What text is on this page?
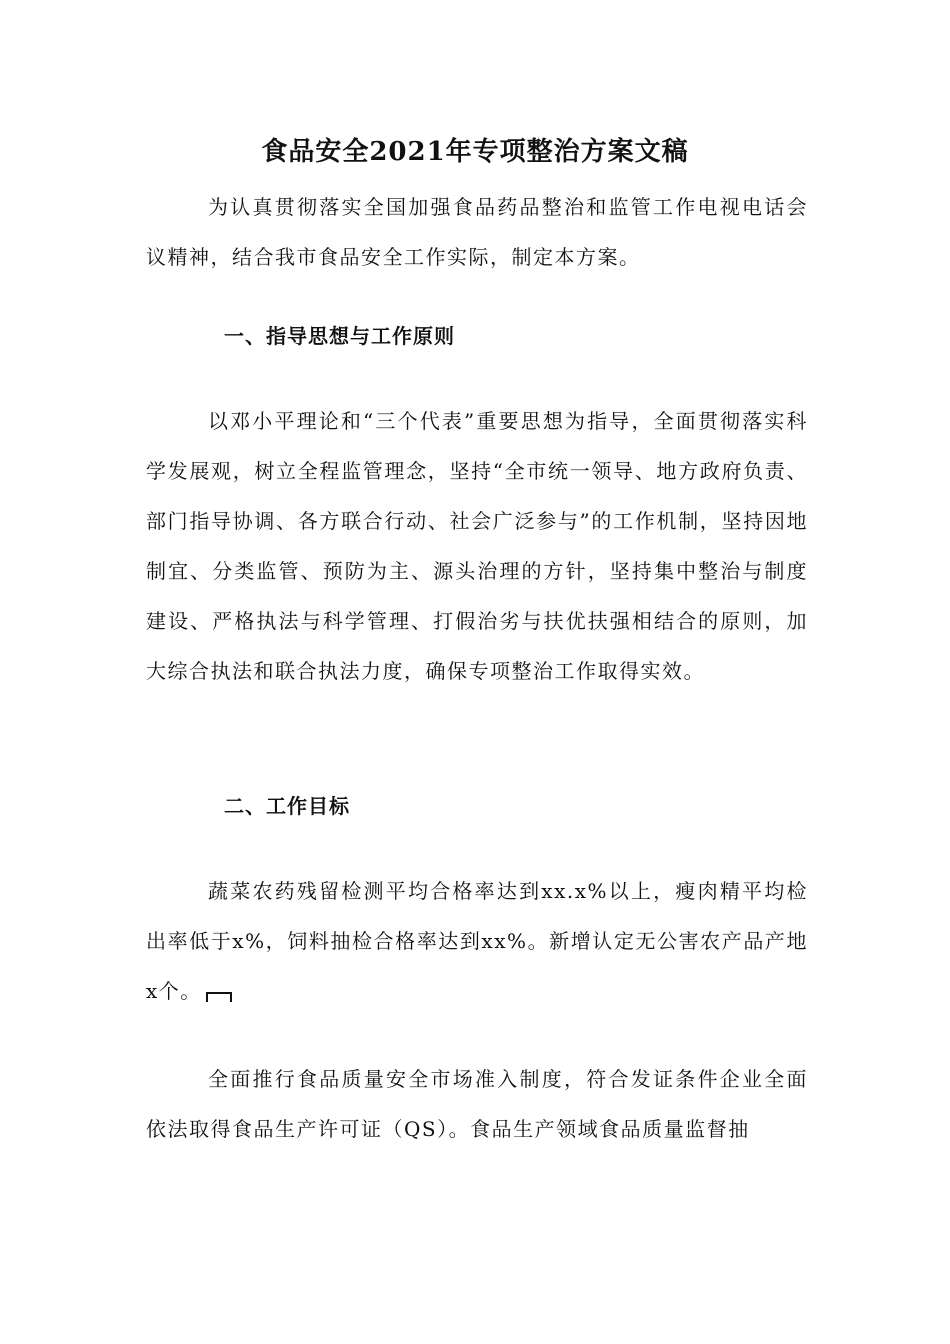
食品安全2021年专项整治方案文稿

为认真贯彻落实全国加强食品药品整治和监管工作电视电话会议精神，结合我市食品安全工作实际，制定本方案。

一、指导思想与工作原则

以邓小平理论和“三个代表”重要思想为指导，全面贯彻落实科学发展观，树立全程监管理念，坚持“全市统一领导、地方政府负责、部门指导协调、各方联合行动、社会广泛参与”的工作机制，坚持因地制宜、分类监管、预防为主、源头治理的方针，坚持集中整治与制度建设、严格执法与科学管理、打假治劣与扶优扶强相结合的原则，加大综合执法和联合执法力度，确保专项整治工作取得实效。

二、工作目标

蔬菜农药残留检测平均合格率达到xx.x%以上，瘦肉精平均检出率低于x%，饲料抽检合格率达到xx%。新增认定无公害农产品产地x个。

全面推行食品质量安全市场准入制度，符合发证条件企业全面依法取得食品生产许可证（QS）。食品生产领域食品质量监督抽
